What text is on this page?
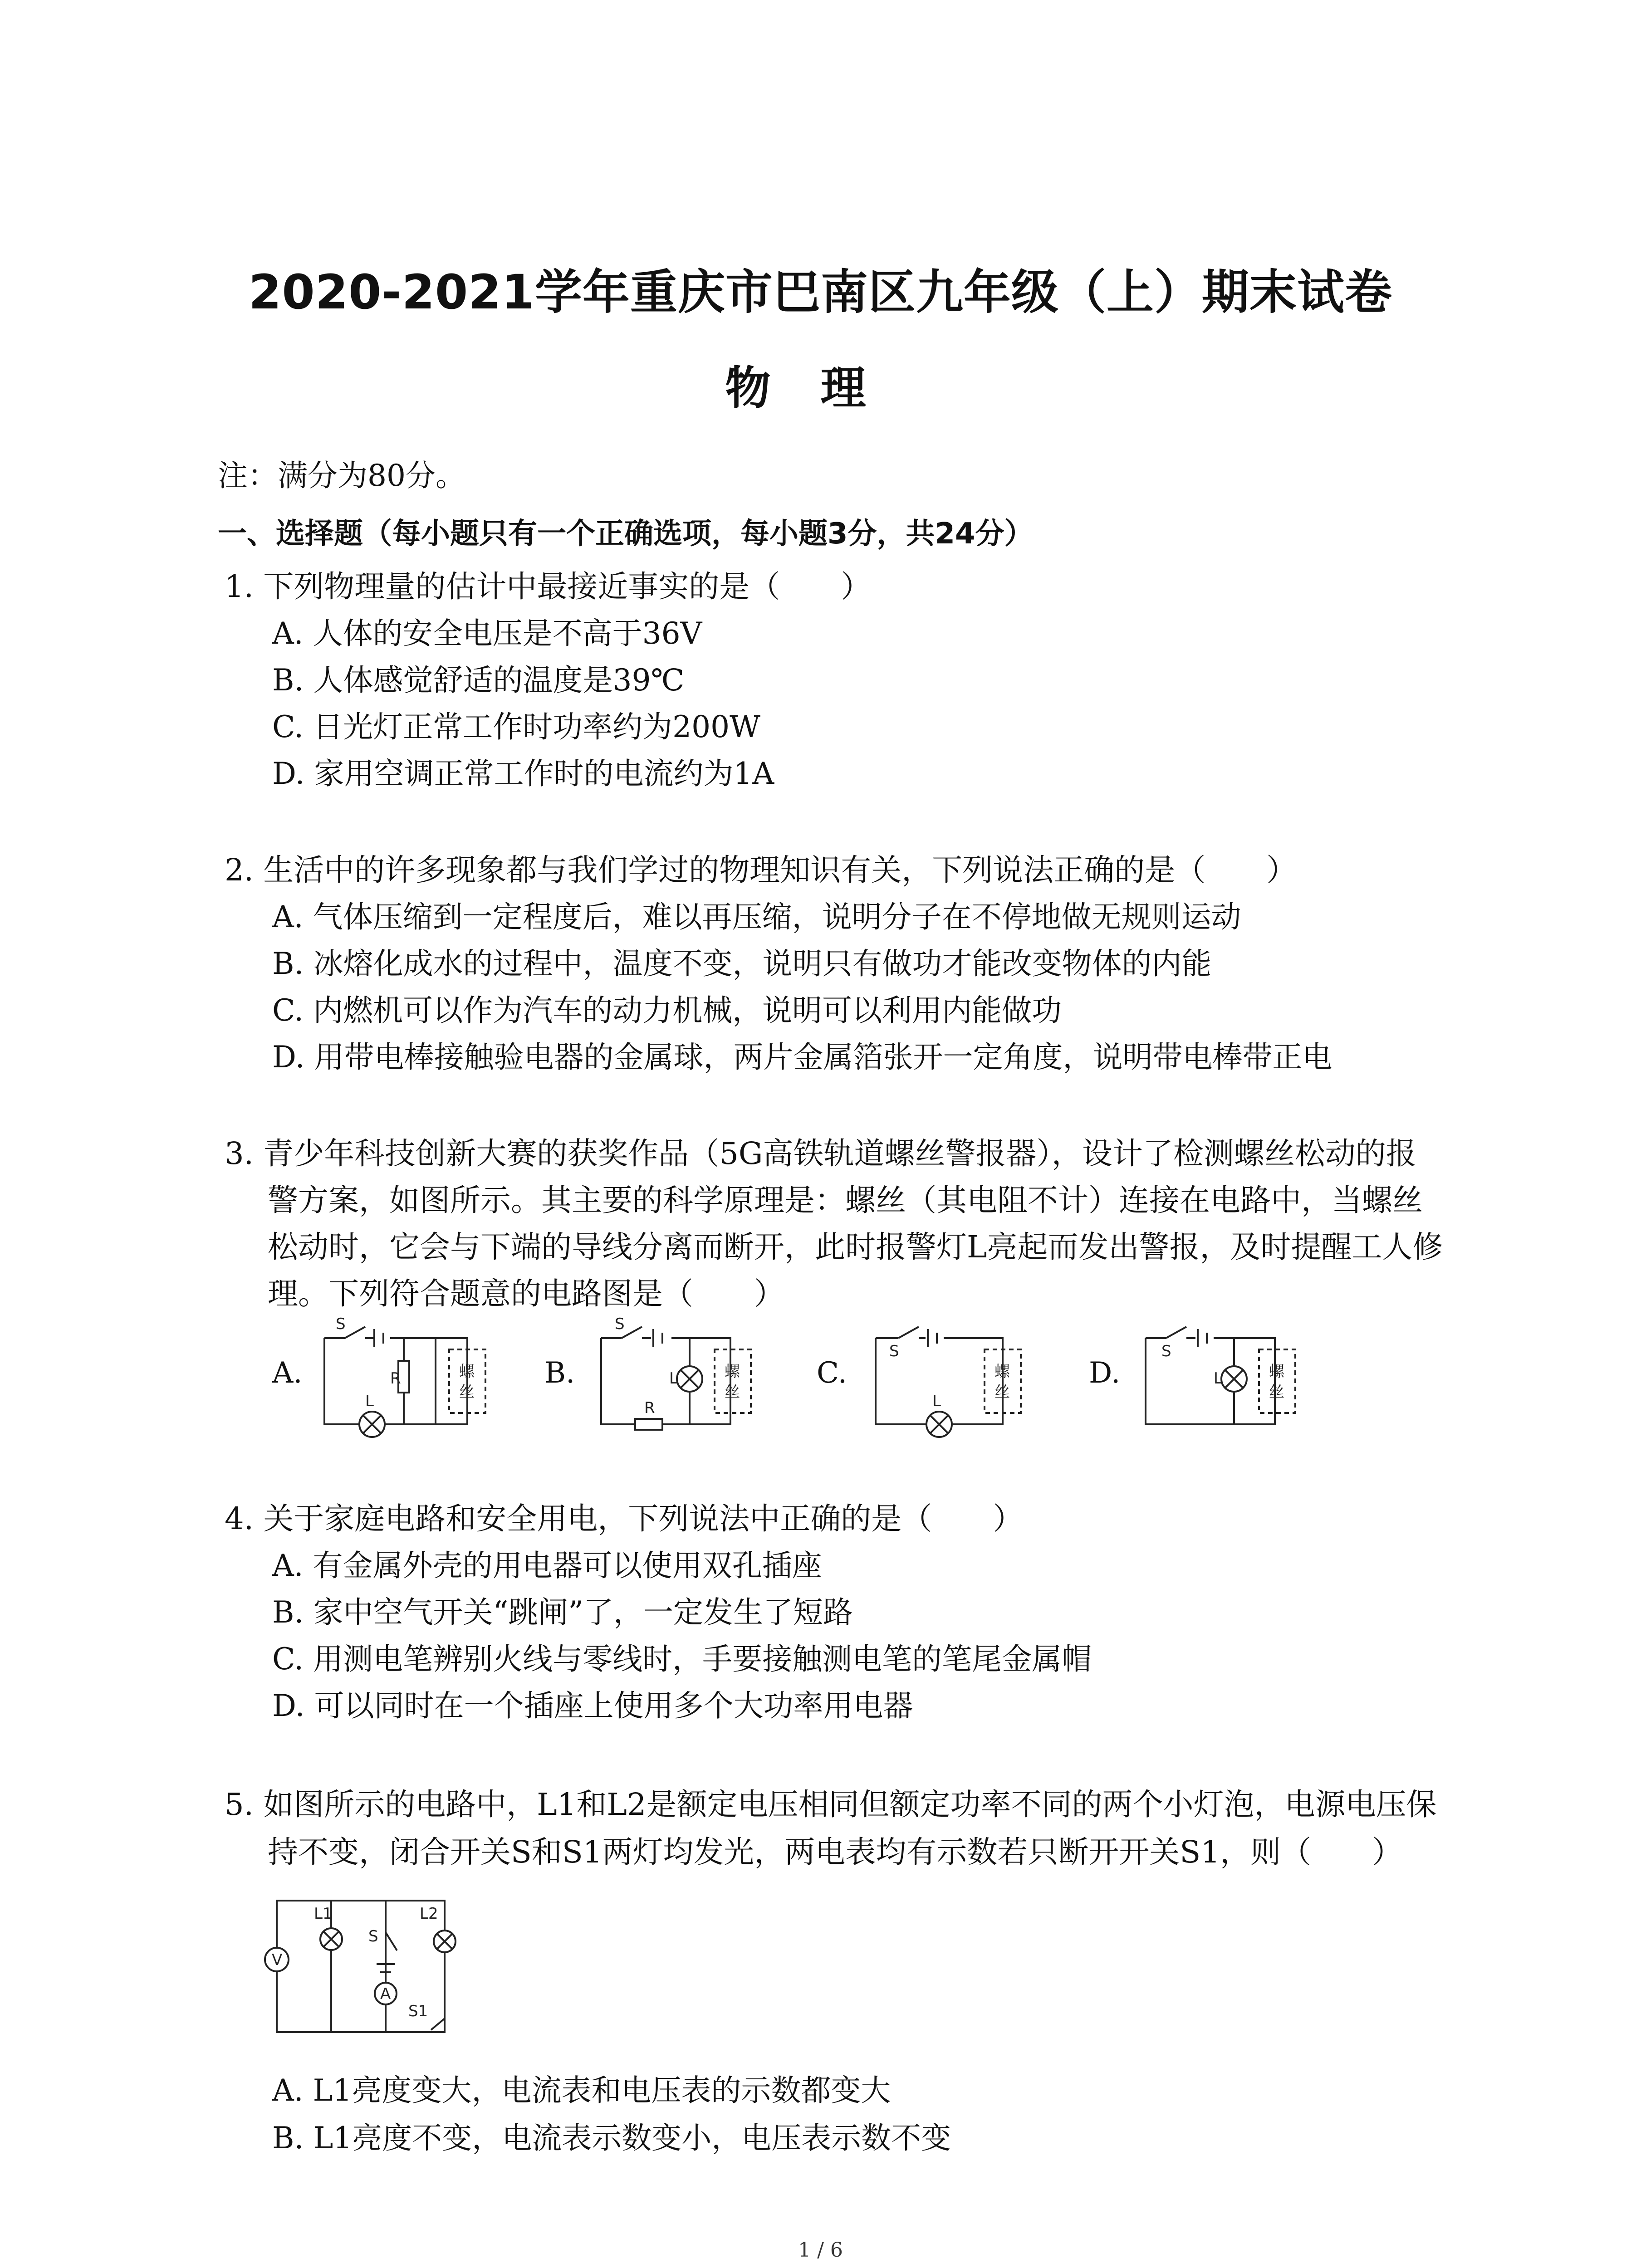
2020-2021学年重庆市巴南区九年级（上）期末试卷
物理
注：满分为80分。
一、选择题（每小题只有一个正确选项，每小题3分，共24分）
1. 下列物理量的估计中最接近事实的是（　　）
A. 人体的安全电压是不高于36V
B. 人体感觉舒适的温度是39℃
C. 日光灯正常工作时功率约为200W
D. 家用空调正常工作时的电流约为1A
2. 生活中的许多现象都与我们学过的物理知识有关，下列说法正确的是（　　）
A. 气体压缩到一定程度后，难以再压缩，说明分子在不停地做无规则运动
B. 冰熔化成水的过程中，温度不变，说明只有做功才能改变物体的内能
C. 内燃机可以作为汽车的动力机械，说明可以利用内能做功
D. 用带电棒接触验电器的金属球，两片金属箔张开一定角度，说明带电棒带正电
3. 青少年科技创新大赛的获奖作品（5G高铁轨道螺丝警报器），设计了检测螺丝松动的报
警方案，如图所示。其主要的科学原理是：螺丝（其电阻不计）连接在电路中，当螺丝
松动时，它会与下端的导线分离而断开，此时报警灯L亮起而发出警报，及时提醒工人修
理。下列符合题意的电路图是（　　）
A.	B.	C.	D.
S
R
L
螺
丝
S
L
R
螺
丝
S
L
螺
丝
S
L	螺
丝
4. 关于家庭电路和安全用电，下列说法中正确的是（　　）
A. 有金属外壳的用电器可以使用双孔插座
B. 家中空气开关“跳闸”了，一定发生了短路
C. 用测电笔辨别火线与零线时，手要接触测电笔的笔尾金属帽
D. 可以同时在一个插座上使用多个大功率用电器
5. 如图所示的电路中，L1和L2是额定电压相同但额定功率不同的两个小灯泡，电源电压保
持不变，闭合开关S和S1两灯均发光，两电表均有示数若只断开开关S1，则（　　）
V
A
L1	L2
S
S1
A. L1亮度变大，电流表和电压表的示数都变大
B. L1亮度不变，电流表示数变小，电压表示数不变
1 / 6
